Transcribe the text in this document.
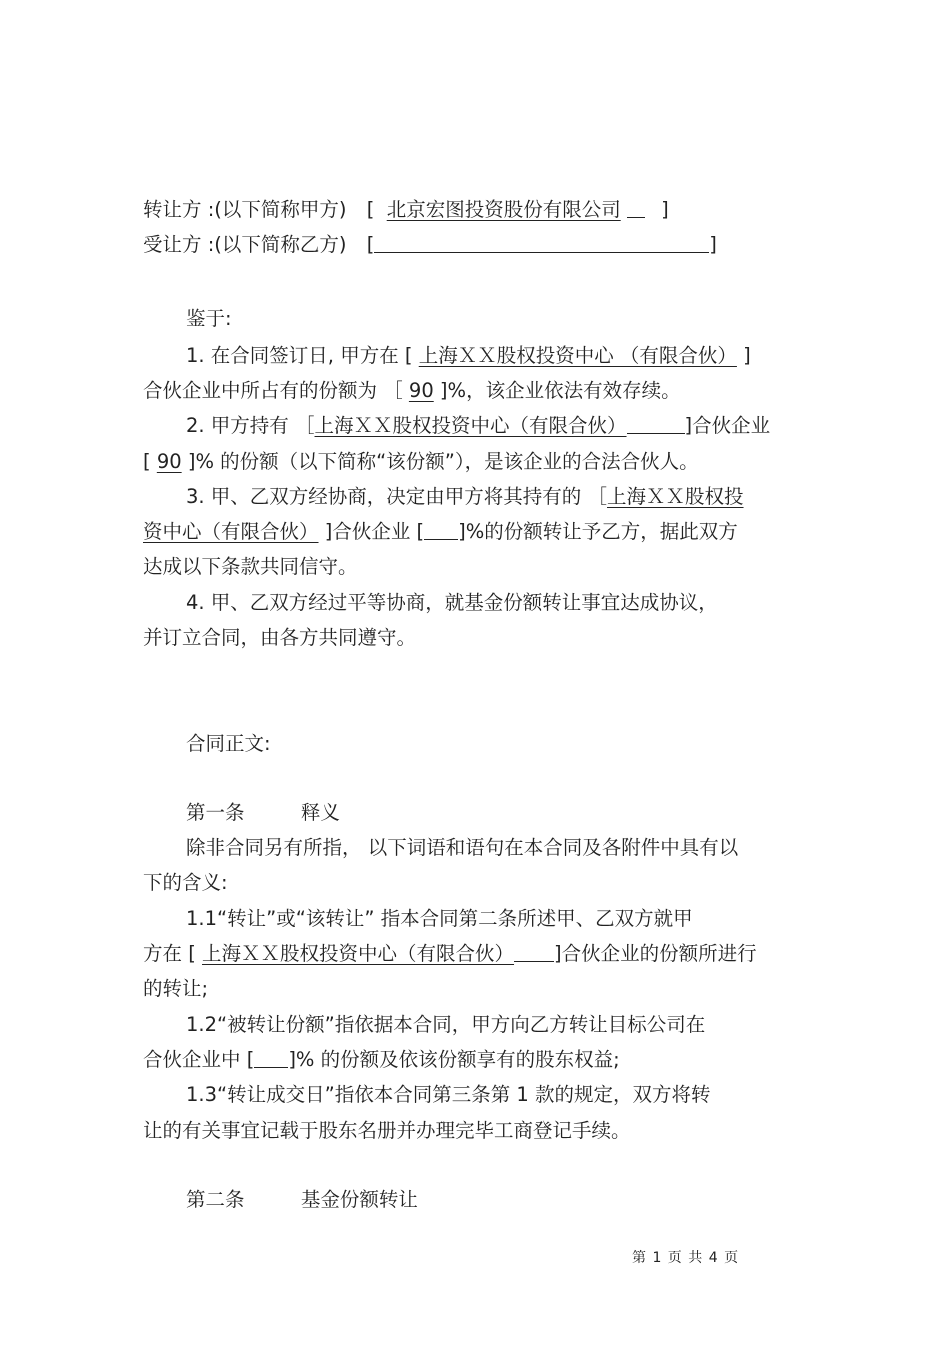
转让方 :(以下简称甲方) [  北京宏图投资股份有限公司 ]
受让方 :(以下简称乙方) [	]
鉴于:
1. 在合同签订日, 甲方在 [ 上海ＸＸ股权投资中心 （有限合伙） ]
合伙企业中所占有的份额为 ［ 90 ]%，该企业依法有效存续。
2. 甲方持有 ［上海ＸＸ股权投资中心（有限合伙）	]合伙企业
[ 90 ]% 的份额（以下简称“该份额”），是该企业的合法合伙人。
3. 甲、乙双方经协商，决定由甲方将其持有的 ［上海ＸＸ股权投
资中心（有限合伙） ]合伙企业 [ ]%的份额转让予乙方，据此双方
达成以下条款共同信守。
4. 甲、乙双方经过平等协商，就基金份额转让事宜达成协议，
并订立合同，由各方共同遵守。
合同正文:
第一条	释义
除非合同另有所指， 以下词语和语句在本合同及各附件中具有以
下的含义:
1.1“转让”或“该转让” 指本合同第二条所述甲、乙双方就甲
方在 [ 上海ＸＸ股权投资中心（有限合伙） ]合伙企业的份额所进行
的转让;
1.2“被转让份额”指依据本合同，甲方向乙方转让目标公司在
合伙企业中 [ ]% 的份额及依该份额享有的股东权益;
1.3“转让成交日”指依本合同第三条第 1 款的规定，双方将转
让的有关事宜记载于股东名册并办理完毕工商登记手续。
第二条	基金份额转让
第 1 页 共 4 页
